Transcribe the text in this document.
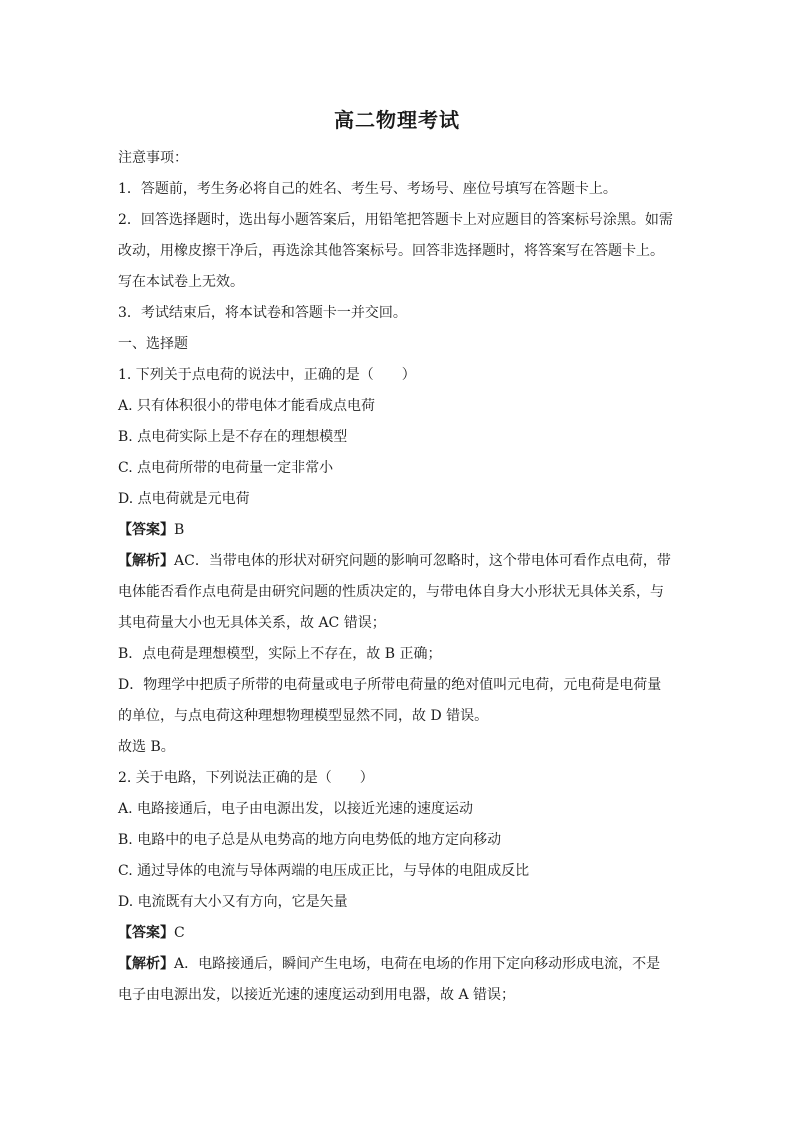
高二物理考试
注意事项：
1．答题前，考生务必将自己的姓名、考生号、考场号、座位号填写在答题卡上。
2．回答选择题时，选出每小题答案后，用铅笔把答题卡上对应题目的答案标号涂黑。如需
改动，用橡皮擦干净后，再选涂其他答案标号。回答非选择题时，将答案写在答题卡上。
写在本试卷上无效。
3．考试结束后，将本试卷和答题卡一并交回。
一、选择题
1. 下列关于点电荷的说法中，正确的是（　　）
A. 只有体积很小的带电体才能看成点电荷
B. 点电荷实际上是不存在的理想模型
C. 点电荷所带的电荷量一定非常小
D. 点电荷就是元电荷
【答案】B
【解析】AC．当带电体的形状对研究问题的影响可忽略时，这个带电体可看作点电荷，带
电体能否看作点电荷是由研究问题的性质决定的，与带电体自身大小形状无具体关系，与
其电荷量大小也无具体关系，故 AC 错误；
B．点电荷是理想模型，实际上不存在，故 B 正确；
D．物理学中把质子所带的电荷量或电子所带电荷量的绝对值叫元电荷，元电荷是电荷量
的单位，与点电荷这种理想物理模型显然不同，故 D 错误。
故选 B。
2. 关于电路，下列说法正确的是（　　）
A. 电路接通后，电子由电源出发，以接近光速的速度运动
B. 电路中的电子总是从电势高的地方向电势低的地方定向移动
C. 通过导体的电流与导体两端的电压成正比，与导体的电阻成反比
D. 电流既有大小又有方向，它是矢量
【答案】C
【解析】A．电路接通后，瞬间产生电场，电荷在电场的作用下定向移动形成电流，不是
电子由电源出发，以接近光速的速度运动到用电器，故 A 错误；
